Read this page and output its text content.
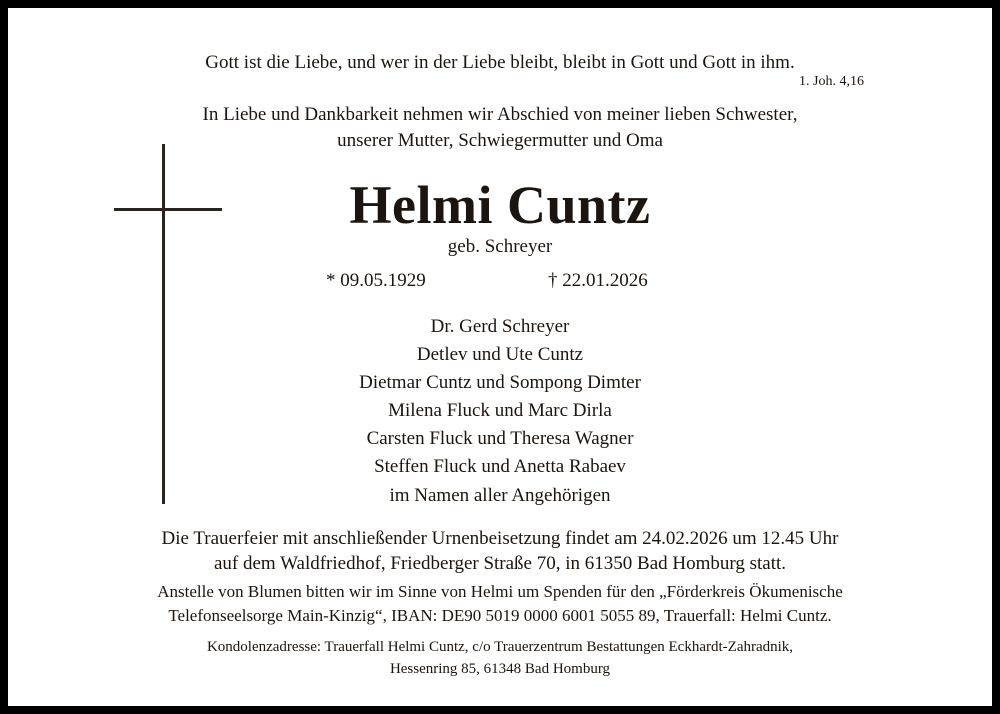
Gott ist die Liebe, und wer in der Liebe bleibt, bleibt in Gott und Gott in ihm.
1. Joh. 4,16
In Liebe und Dankbarkeit nehmen wir Abschied von meiner lieben Schwester,
unserer Mutter, Schwiegermutter und Oma
Helmi Cuntz
geb. Schreyer
* 09.05.1929	† 22.01.2026
Dr. Gerd Schreyer
Detlev und Ute Cuntz
Dietmar Cuntz und Sompong Dimter
Milena Fluck und Marc Dirla
Carsten Fluck und Theresa Wagner
Steffen Fluck und Anetta Rabaev
im Namen aller Angehörigen
Die Trauerfeier mit anschließender Urnenbeisetzung findet am 24.02.2026 um 12.45 Uhr
auf dem Waldfriedhof, Friedberger Straße 70, in 61350 Bad Homburg statt.
Anstelle von Blumen bitten wir im Sinne von Helmi um Spenden für den „Förderkreis Ökumenische
Telefonseelsorge Main-Kinzig“, IBAN: DE90 5019 0000 6001 5055 89, Trauerfall: Helmi Cuntz.
Kondolenzadresse: Trauerfall Helmi Cuntz, c/o Trauerzentrum Bestattungen Eckhardt-Zahradnik,
Hessenring 85, 61348 Bad Homburg
